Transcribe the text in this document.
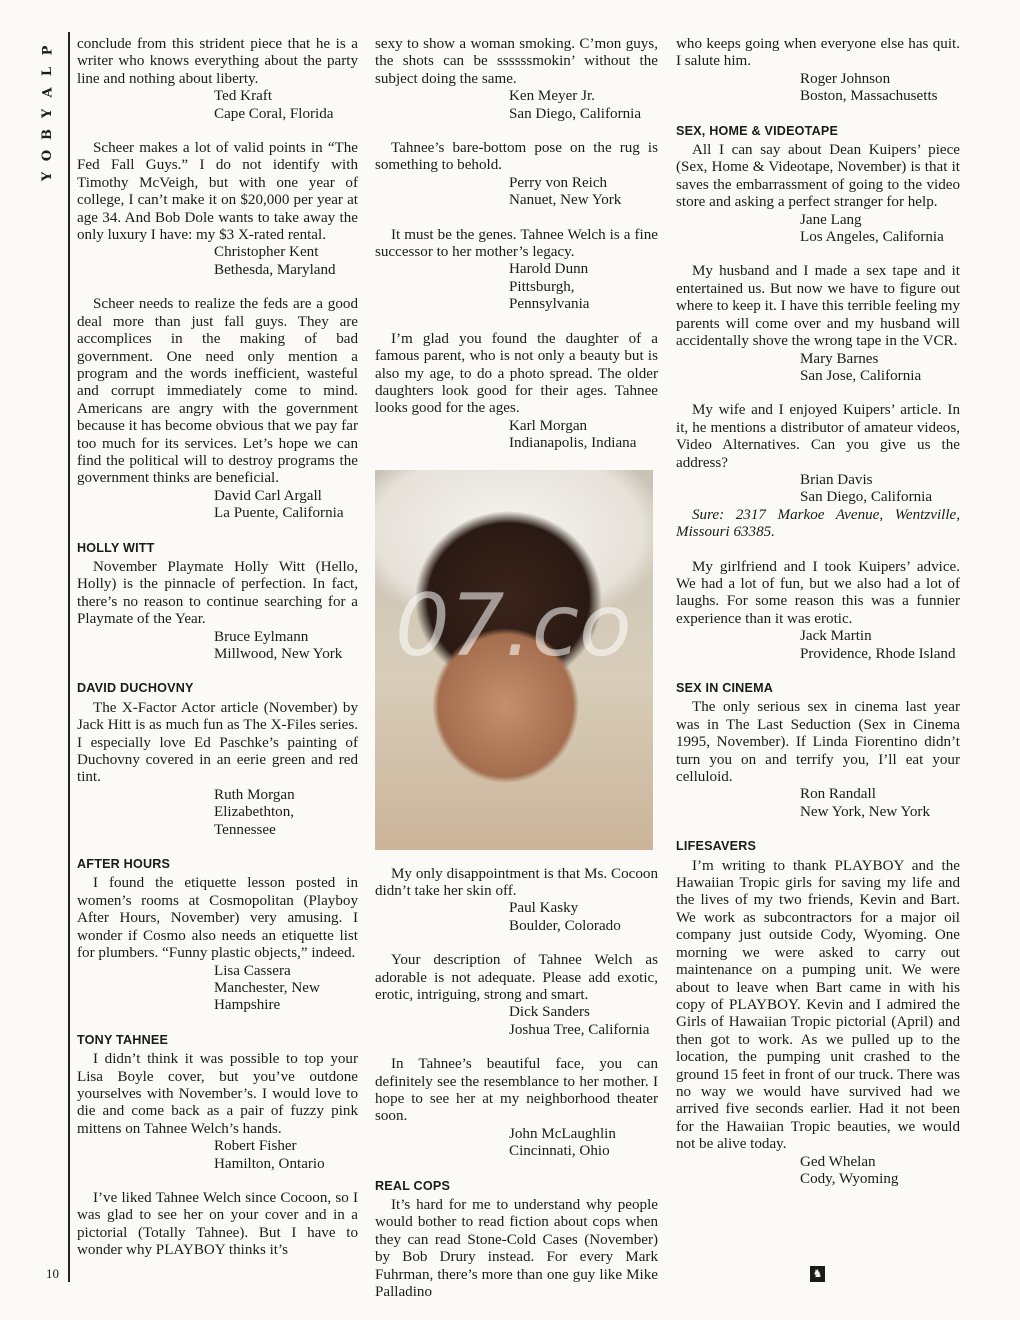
P
L
A
Y
B
O
Y

conclude from this strident piece that he is a writer who knows everything about the party line and nothing about liberty.

Ted Kraft
Cape Coral, Florida

Scheer makes a lot of valid points in “The Fed Fall Guys.” I do not identify with Timothy McVeigh, but with one year of college, I can’t make it on $20,000 per year at age 34. And Bob Dole wants to take away the only luxury I have: my $3 X-rated rental.

Christopher Kent
Bethesda, Maryland

Scheer needs to realize the feds are a good deal more than just fall guys. They are accomplices in the making of bad government. One need only mention a program and the words inefficient, wasteful and corrupt immediately come to mind. Americans are angry with the government because it has become obvious that we pay far too much for its services. Let’s hope we can find the political will to destroy programs the government thinks are beneficial.

David Carl Argall
La Puente, California
HOLLY WITT

November Playmate Holly Witt (Hello, Holly) is the pinnacle of perfection. In fact, there’s no reason to continue searching for a Playmate of the Year.

Bruce Eylmann
Millwood, New York
DAVID DUCHOVNY

The X-Factor Actor article (November) by Jack Hitt is as much fun as The X-Files series. I especially love Ed Paschke’s painting of Duchovny covered in an eerie green and red tint.

Ruth Morgan
Elizabethton, Tennessee
AFTER HOURS

I found the etiquette lesson posted in women’s rooms at Cosmopolitan (Playboy After Hours, November) very amusing. I wonder if Cosmo also needs an etiquette list for plumbers. “Funny plastic objects,” indeed.

Lisa Cassera
Manchester, New Hampshire
TONY TAHNEE

I didn’t think it was possible to top your Lisa Boyle cover, but you’ve outdone yourselves with November’s. I would love to die and come back as a pair of fuzzy pink mittens on Tahnee Welch’s hands.

Robert Fisher
Hamilton, Ontario

I’ve liked Tahnee Welch since Cocoon, so I was glad to see her on your cover and in a pictorial (Totally Tahnee). But I have to wonder why PLAYBOY thinks it’s

sexy to show a woman smoking. C’mon guys, the shots can be ssssssmokin’ without the subject doing the same.

Ken Meyer Jr.
San Diego, California

Tahnee’s bare-bottom pose on the rug is something to behold.

Perry von Reich
Nanuet, New York

It must be the genes. Tahnee Welch is a fine successor to her mother’s legacy.

Harold Dunn
Pittsburgh, Pennsylvania

I’m glad you found the daughter of a famous parent, who is not only a beauty but is also my age, to do a photo spread. The older daughters look good for their ages. Tahnee looks good for the ages.

Karl Morgan
Indianapolis, Indiana
07.co

My only disappointment is that Ms. Cocoon didn’t take her skin off.

Paul Kasky
Boulder, Colorado

Your description of Tahnee Welch as adorable is not adequate. Please add exotic, erotic, intriguing, strong and smart.

Dick Sanders
Joshua Tree, California

In Tahnee’s beautiful face, you can definitely see the resemblance to her mother. I hope to see her at my neighborhood theater soon.

John McLaughlin
Cincinnati, Ohio
REAL COPS

It’s hard for me to understand why people would bother to read fiction about cops when they can read Stone-Cold Cases (November) by Bob Drury instead. For every Mark Fuhrman, there’s more than one guy like Mike Palladino

who keeps going when everyone else has quit. I salute him.

Roger Johnson
Boston, Massachusetts
SEX, HOME & VIDEOTAPE

All I can say about Dean Kuipers’ piece (Sex, Home & Videotape, November) is that it saves the embarrassment of going to the video store and asking a perfect stranger for help.

Jane Lang
Los Angeles, California

My husband and I made a sex tape and it entertained us. But now we have to figure out where to keep it. I have this terrible feeling my parents will come over and my husband will accidentally shove the wrong tape in the VCR.

Mary Barnes
San Jose, California

My wife and I enjoyed Kuipers’ article. In it, he mentions a distributor of amateur videos, Video Alternatives. Can you give us the address?

Brian Davis
San Diego, California

Sure: 2317 Markoe Avenue, Wentzville, Missouri 63385.

My girlfriend and I took Kuipers’ advice. We had a lot of fun, but we also had a lot of laughs. For some reason this was a funnier experience than it was erotic.

Jack Martin
Providence, Rhode Island
SEX IN CINEMA

The only serious sex in cinema last year was in The Last Seduction (Sex in Cinema 1995, November). If Linda Fiorentino didn’t turn you on and terrify you, I’ll eat your celluloid.

Ron Randall
New York, New York
LIFESAVERS

I’m writing to thank PLAYBOY and the Hawaiian Tropic girls for saving my life and the lives of my two friends, Kevin and Bart. We work as subcontractors for a major oil company just outside Cody, Wyoming. One morning we were asked to carry out maintenance on a pumping unit. We were about to leave when Bart came in with his copy of PLAYBOY. Kevin and I admired the Girls of Hawaiian Tropic pictorial (April) and then got to work. As we pulled up to the location, the pumping unit crashed to the ground 15 feet in front of our truck. There was no way we would have survived had we arrived five seconds earlier. Had it not been for the Hawaiian Tropic beauties, we would not be alive today.

Ged Whelan
Cody, Wyoming
10	♞
